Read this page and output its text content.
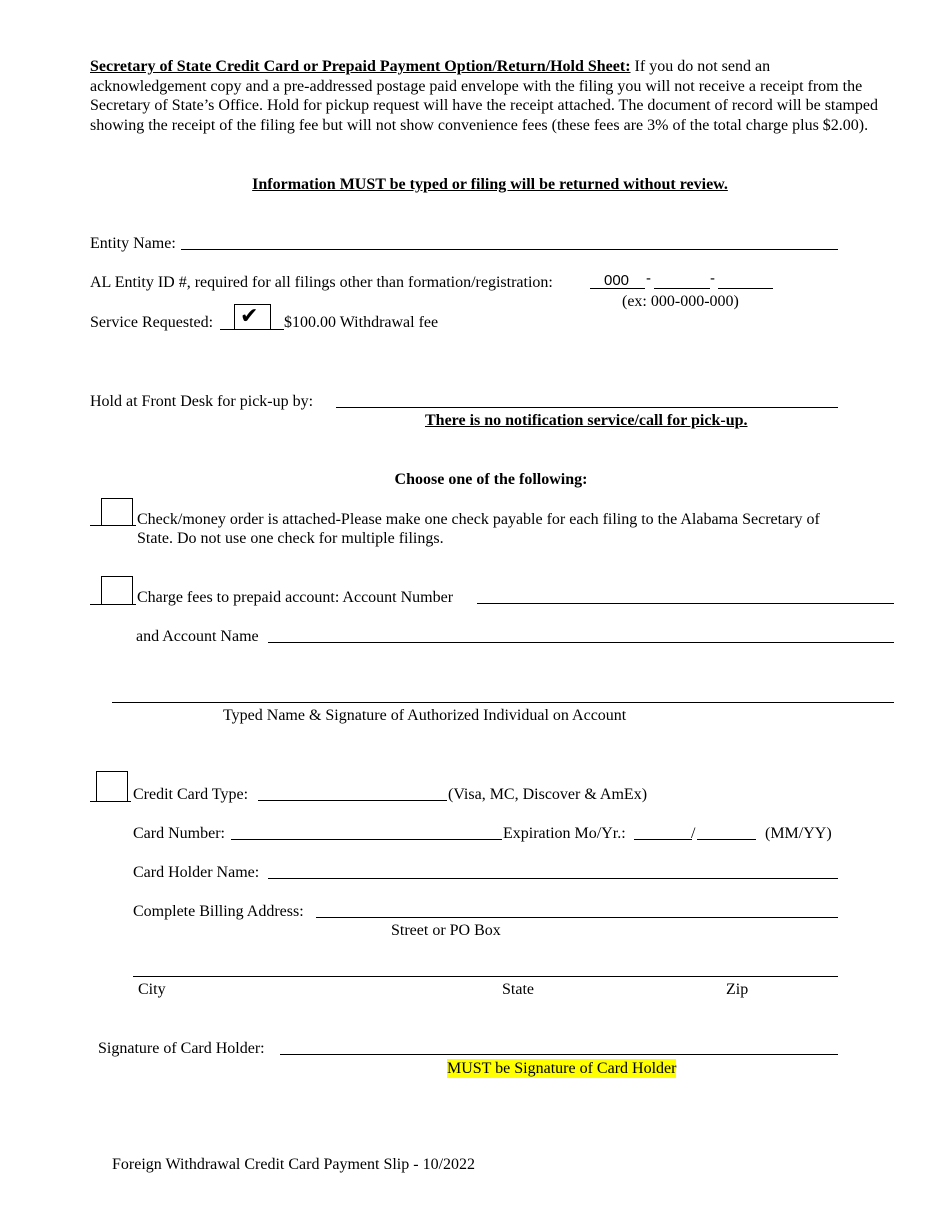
Secretary of State Credit Card or Prepaid Payment Option/Return/Hold Sheet: If you do not send an acknowledgement copy and a pre-addressed postage paid envelope with the filing you will not receive a receipt from the Secretary of State’s Office. Hold for pickup request will have the receipt attached. The document of record will be stamped showing the receipt of the filing fee but will not show convenience fees (these fees are 3% of the total charge plus $2.00).
Information MUST be typed or filing will be returned without review.
Entity Name:
AL Entity ID #, required for all filings other than formation/registration:	000 -	-
(ex: 000-000-000)
Service Requested: ✔ $100.00 Withdrawal fee
Hold at Front Desk for pick-up by:
There is no notification service/call for pick-up.
Choose one of the following:
Check/money order is attached-Please make one check payable for each filing to the Alabama Secretary of
State. Do not use one check for multiple filings.
Charge fees to prepaid account: Account Number
and Account Name
Typed Name & Signature of Authorized Individual on Account
Credit Card Type:	(Visa, MC, Discover & AmEx)
Card Number:	Expiration Mo/Yr.:	/	(MM/YY)
Card Holder Name:
Complete Billing Address:
Street or PO Box
City	State	Zip
Signature of Card Holder:
MUST be Signature of Card Holder
Foreign Withdrawal Credit Card Payment Slip - 10/2022
